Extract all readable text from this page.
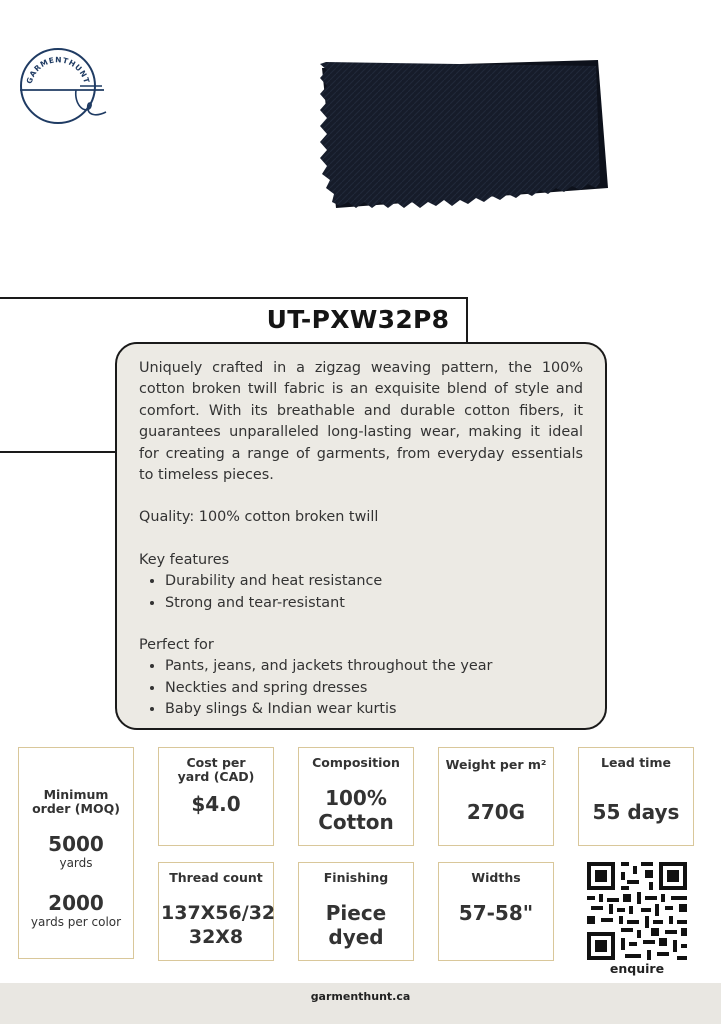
GARMENTHUNT
UT-PXW32P8

Uniquely crafted in a zigzag weaving pattern, the 100% cotton broken twill fabric is an exquisite blend of style and comfort. With its breathable and durable cotton fibers, it guarantees unparalleled long-lasting wear, making it ideal for creating a range of garments, from everyday essentials to timeless pieces.

Quality: 100% cotton broken twill

Key features

• Durability and heat resistance
• Strong and tear-resistant

Perfect for

• Pants, jeans, and jackets throughout the year
• Neckties and spring dresses
• Baby slings & Indian wear kurtis
Minimum order (MOQ)
5000
yards
2000
yards per color
Cost per yard (CAD)
$4.0
Composition
100% Cotton
Weight per m²
270G
Lead time
55 days
Thread count
137X56/32 32X8
Finishing
Piece dyed
Widths
57-58"
enquire
garmenthunt.ca
